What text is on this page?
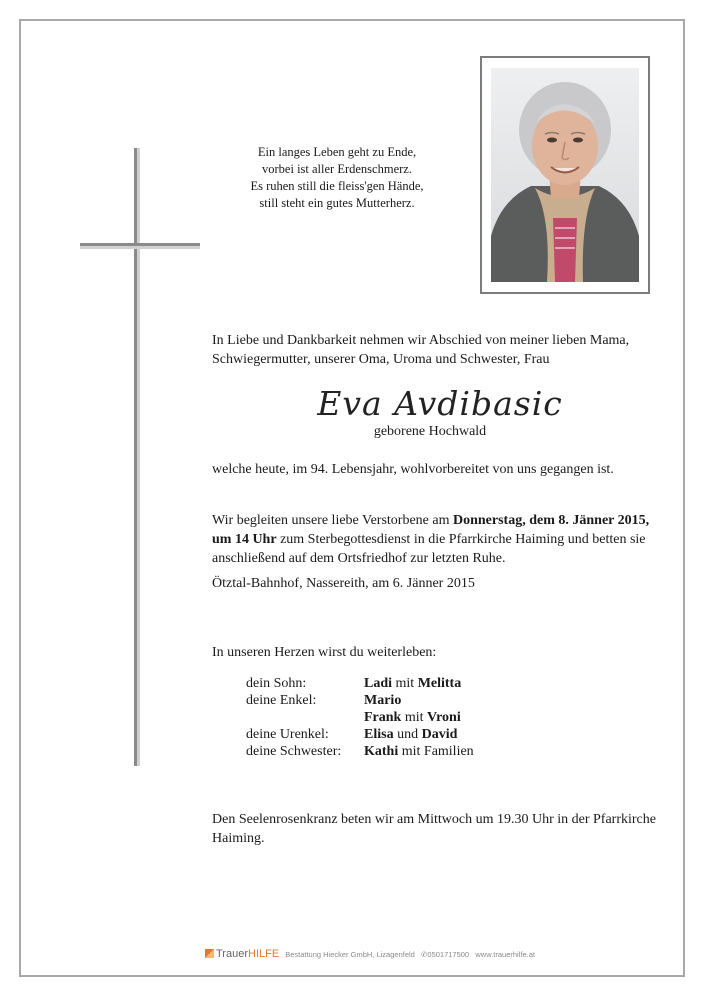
Ein langes Leben geht zu Ende,
vorbei ist aller Erdenschmerz.
Es ruhen still die fleiss'gen Hände,
still steht ein gutes Mutterherz.
In Liebe und Dankbarkeit nehmen wir Abschied von meiner lieben Mama,
Schwiegermutter, unserer Oma, Uroma und Schwester, Frau
Eva Avdibasic
geborene Hochwald
welche heute, im 94. Lebensjahr, wohlvorbereitet von uns gegangen ist.
Wir begleiten unsere liebe Verstorbene am Donnerstag, dem 8. Jänner 2015,
um 14 Uhr zum Sterbegottesdienst in die Pfarrkirche Haiming und betten sie
anschließend auf dem Ortsfriedhof zur letzten Ruhe.
Ötztal-Bahnhof, Nassereith, am 6. Jänner 2015
In unseren Herzen wirst du weiterleben:
dein Sohn:	Ladi mit Melitta
deine Enkel:	Mario
Frank mit Vroni
deine Urenkel:	Elisa und David
deine Schwester: Kathi mit Familien
Den Seelenrosenkranz beten wir am Mittwoch um 19.30 Uhr in der Pfarrkirche
Haiming.
TrauerHILFE Bestattung Hiecker GmbH, Lizagenfeld ✆0501717500 www.trauerhilfe.at
